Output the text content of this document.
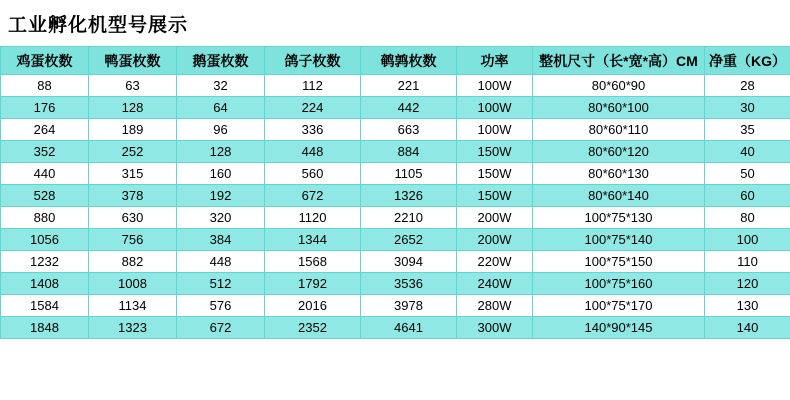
工业孵化机型号展示
鸡蛋枚数	鸭蛋枚数	鹅蛋枚数	鸽子枚数	鹌鹑枚数	功率	整机尺寸（长*宽*高）CM	净重（KG）
88	63	32	112	221	100W	80*60*90	28
176	128	64	224	442	100W	80*60*100	30
264	189	96	336	663	100W	80*60*110	35
352	252	128	448	884	150W	80*60*120	40
440	315	160	560	1105	150W	80*60*130	50
528	378	192	672	1326	150W	80*60*140	60
880	630	320	1120	2210	200W	100*75*130	80
1056	756	384	1344	2652	200W	100*75*140	100
1232	882	448	1568	3094	220W	100*75*150	110
1408	1008	512	1792	3536	240W	100*75*160	120
1584	1134	576	2016	3978	280W	100*75*170	130
1848	1323	672	2352	4641	300W	140*90*145	140
